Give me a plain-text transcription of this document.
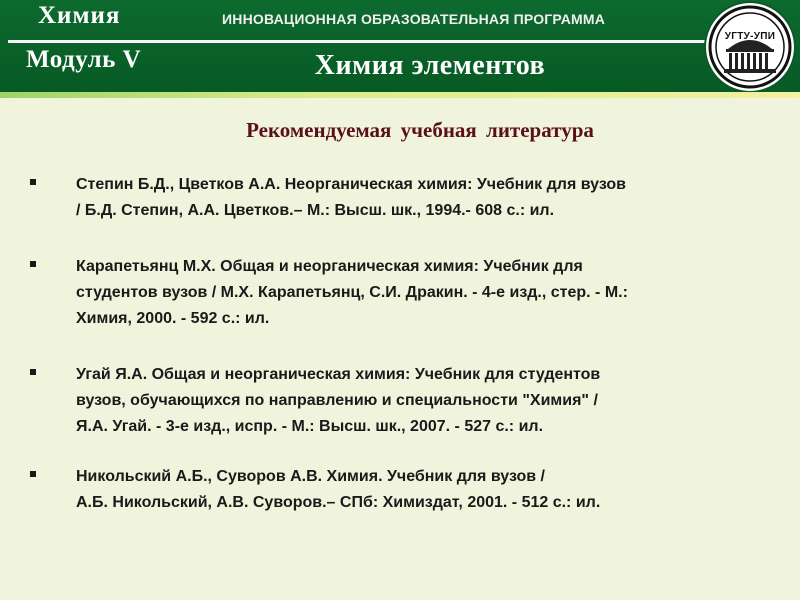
Химия	ИННОВАЦИОННАЯ ОБРАЗОВАТЕЛЬНАЯ ПРОГРАММА
Модуль V	Химия элементов
УГТУ-УПИ
Рекомендуемая учебная литература
Степин Б.Д., Цветков А.А. Неорганическая химия: Учебник для вузов
/ Б.Д. Степин, А.А. Цветков.– М.: Высш. шк., 1994.- 608 с.: ил.
Карапетьянц М.Х. Общая и неорганическая химия: Учебник для
студентов вузов / М.Х. Карапетьянц, С.И. Дракин. - 4-е изд., стер. - М.:
Химия, 2000. - 592 с.: ил.
Угай Я.А. Общая и неорганическая химия: Учебник для студентов
вузов, обучающихся по направлению и специальности "Химия" /
Я.А. Угай. - 3-е изд., испр. - М.: Высш. шк., 2007. - 527 с.: ил.
Никольский А.Б., Суворов А.В. Химия. Учебник для вузов /
А.Б. Никольский, А.В. Суворов.– СПб: Химиздат, 2001. - 512 с.: ил.
